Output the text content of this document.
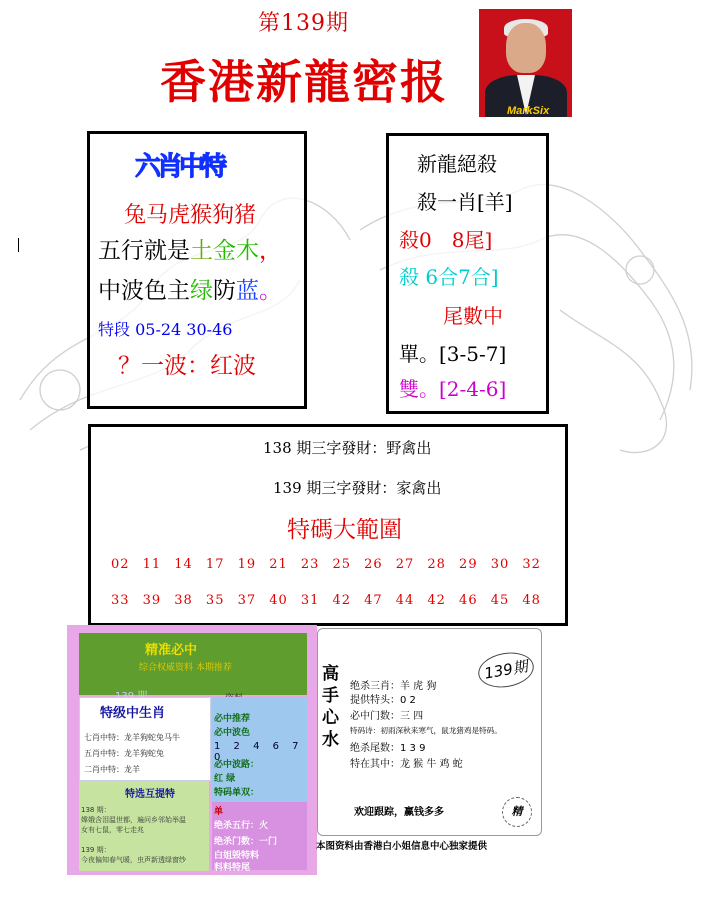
第139期
香港新龍密报
MarkSix
六肖中特
兔马虎猴狗猪
五行就是土金木，
中波色主绿防蓝。
特段 05-24 30-46
？一波：红波
新龍絕殺
殺一肖[羊]
殺0　8尾]
殺 6合7合]
尾數中
單。[3-5-7]
雙。[2-4-6]
138 期三字發財：野禽出
139 期三字發財：家禽出
特碼大範圍
02 11 14 17 19 21 23 25 26 27 28 29 30 32
33 39 38 35 37 40 31 42 47 44 42 46 45 48
精准必中
综合权威资料 本期推荐
特级中生肖
七肖中特：龙羊狗蛇兔马牛
五肖中特：龙羊狗蛇兔
二肖中特：龙羊
特选互提特
138 期：
嫦娥含泪温世都，遍问乡邻始举温
女有七鼠，零七走兆
139 期：
今夜偏知春气暖，虫声新透绿窗纱
必中推荐
必中波色
1 2 4 6 7 0
必中波路：
红 绿
特码单双：
单
绝杀五行：火
绝杀门数：一门
白姐毁特料
料料特尾
高
手
心
水
139期
绝杀三肖：羊 虎 狗
提供特头：0 2
必中门数：三 四
特码诗：初雨深秋来寒气，鼠龙猪鸡是特码。
绝杀尾数：1 3 9
特在其中：龙 猴 牛 鸡 蛇
欢迎跟踪，赢钱多多	精
本图资料由香港白小姐信息中心独家提供
